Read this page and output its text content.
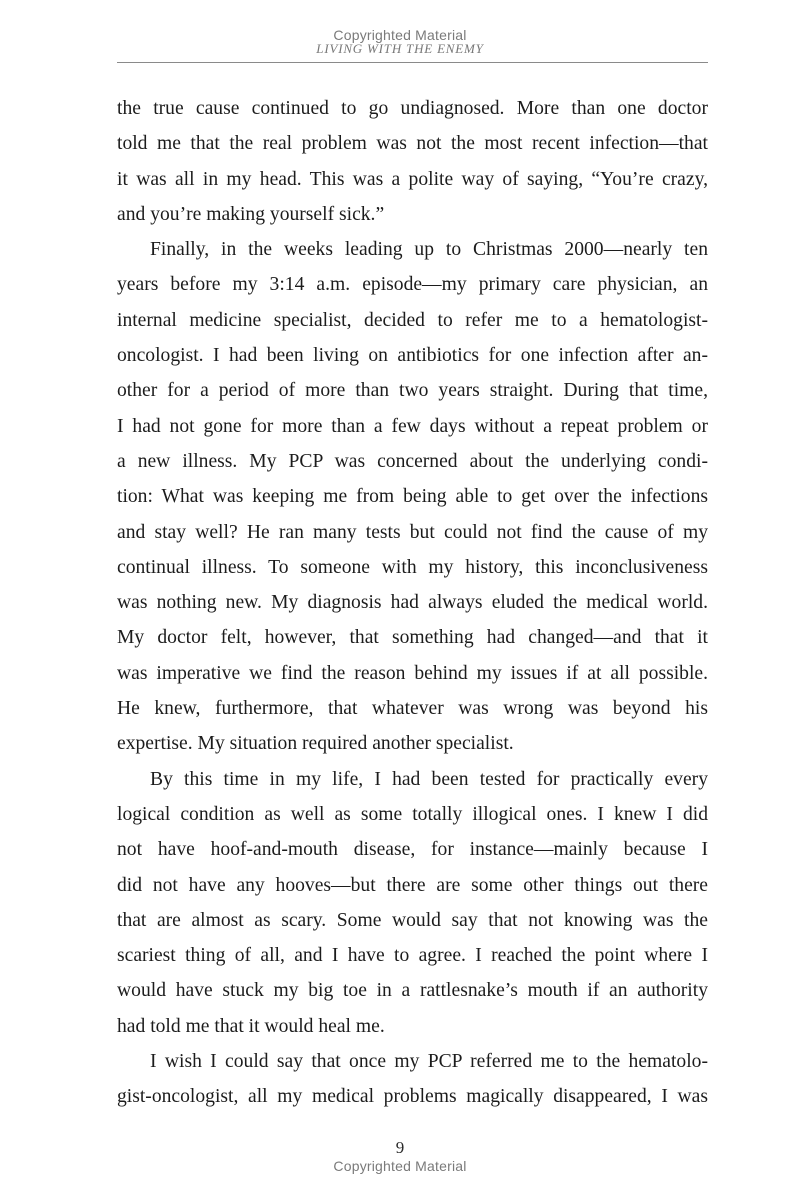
Copyrighted Material
LIVING WITH THE ENEMY

the true cause continued to go undiagnosed. More than one doctor
told me that the real problem was not the most recent infection—that
it was all in my head. This was a polite way of saying, “You’re crazy,
and you’re making yourself sick.”

Finally, in the weeks leading up to Christmas 2000—nearly ten
years before my 3:14 a.m. episode—my primary care physician, an
internal medicine specialist, decided to refer me to a hematologist-
oncologist. I had been living on antibiotics for one infection after an-
other for a period of more than two years straight. During that time,
I had not gone for more than a few days without a repeat problem or
a new illness. My PCP was concerned about the underlying condi-
tion: What was keeping me from being able to get over the infections
and stay well? He ran many tests but could not find the cause of my
continual illness. To someone with my history, this inconclusiveness
was nothing new. My diagnosis had always eluded the medical world.
My doctor felt, however, that something had changed—and that it
was imperative we find the reason behind my issues if at all possible.
He knew, furthermore, that whatever was wrong was beyond his
expertise. My situation required another specialist.

By this time in my life, I had been tested for practically every
logical condition as well as some totally illogical ones. I knew I did
not have hoof-and-mouth disease, for instance—mainly because I
did not have any hooves—but there are some other things out there
that are almost as scary. Some would say that not knowing was the
scariest thing of all, and I have to agree. I reached the point where I
would have stuck my big toe in a rattlesnake’s mouth if an authority
had told me that it would heal me.

I wish I could say that once my PCP referred me to the hematolo-
gist-oncologist, all my medical problems magically disappeared, I was

9
Copyrighted Material
